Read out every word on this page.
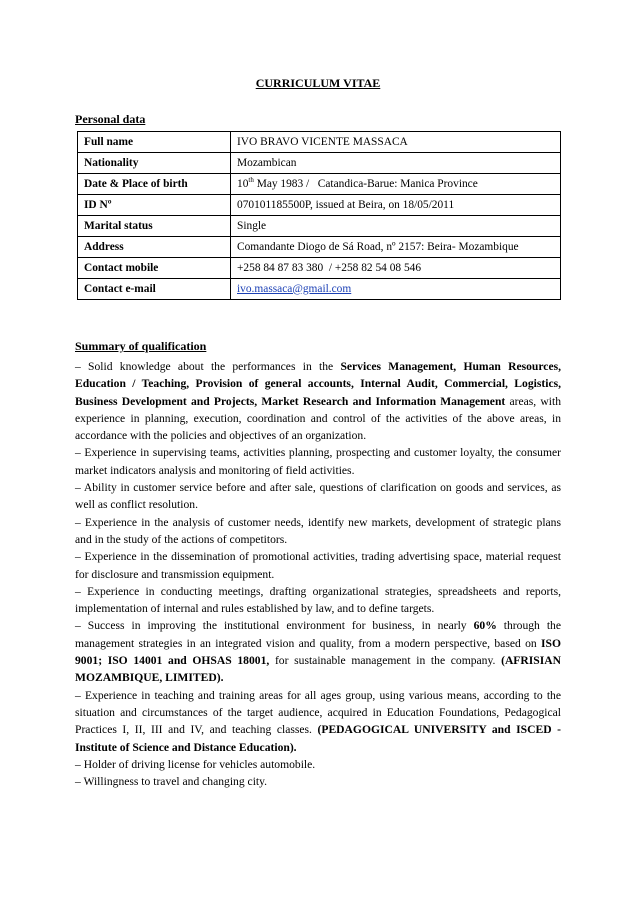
CURRICULUM VITAE
Personal data
Full name	IVO BRAVO VICENTE MASSACA
Nationality	Mozambican
Date & Place of birth	10th May 1983 /   Catandica-Barue: Manica Province
ID Nº	070101185500P, issued at Beira, on 18/05/2011
Marital status	Single
Address	Comandante Diogo de Sá Road, nº 2157: Beira- Mozambique
Contact mobile	+258 84 87 83 380  / +258 82 54 08 546
Contact e-mail	ivo.massaca@gmail.com
Summary of qualification

– Solid knowledge about the performances in the Services Management, Human Resources, Education / Teaching, Provision of general accounts, Internal Audit, Commercial, Logistics, Business Development and Projects, Market Research and Information Management areas, with experience in planning, execution, coordination and control of the activities of the above areas, in accordance with the policies and objectives of an organization.

– Experience in supervising teams, activities planning, prospecting and customer loyalty, the consumer market indicators analysis and monitoring of field activities.

– Ability in customer service before and after sale, questions of clarification on goods and services, as well as conflict resolution.

– Experience in the analysis of customer needs, identify new markets, development of strategic plans and in the study of the actions of competitors.

– Experience in the dissemination of promotional activities, trading advertising space, material request for disclosure and transmission equipment.

– Experience in conducting meetings, drafting organizational strategies, spreadsheets and reports, implementation of internal and rules established by law, and to define targets.

– Success in improving the institutional environment for business, in nearly 60% through the management strategies in an integrated vision and quality, from a modern perspective, based on ISO 9001; ISO 14001 and OHSAS 18001, for sustainable management in the company. (AFRISIAN MOZAMBIQUE, LIMITED).

– Experience in teaching and training areas for all ages group, using various means, according to the situation and circumstances of the target audience, acquired in Education Foundations, Pedagogical Practices I, II, III and IV, and teaching classes. (PEDAGOGICAL UNIVERSITY and ISCED - Institute of Science and Distance Education).

– Holder of driving license for vehicles automobile.

– Willingness to travel and changing city.
